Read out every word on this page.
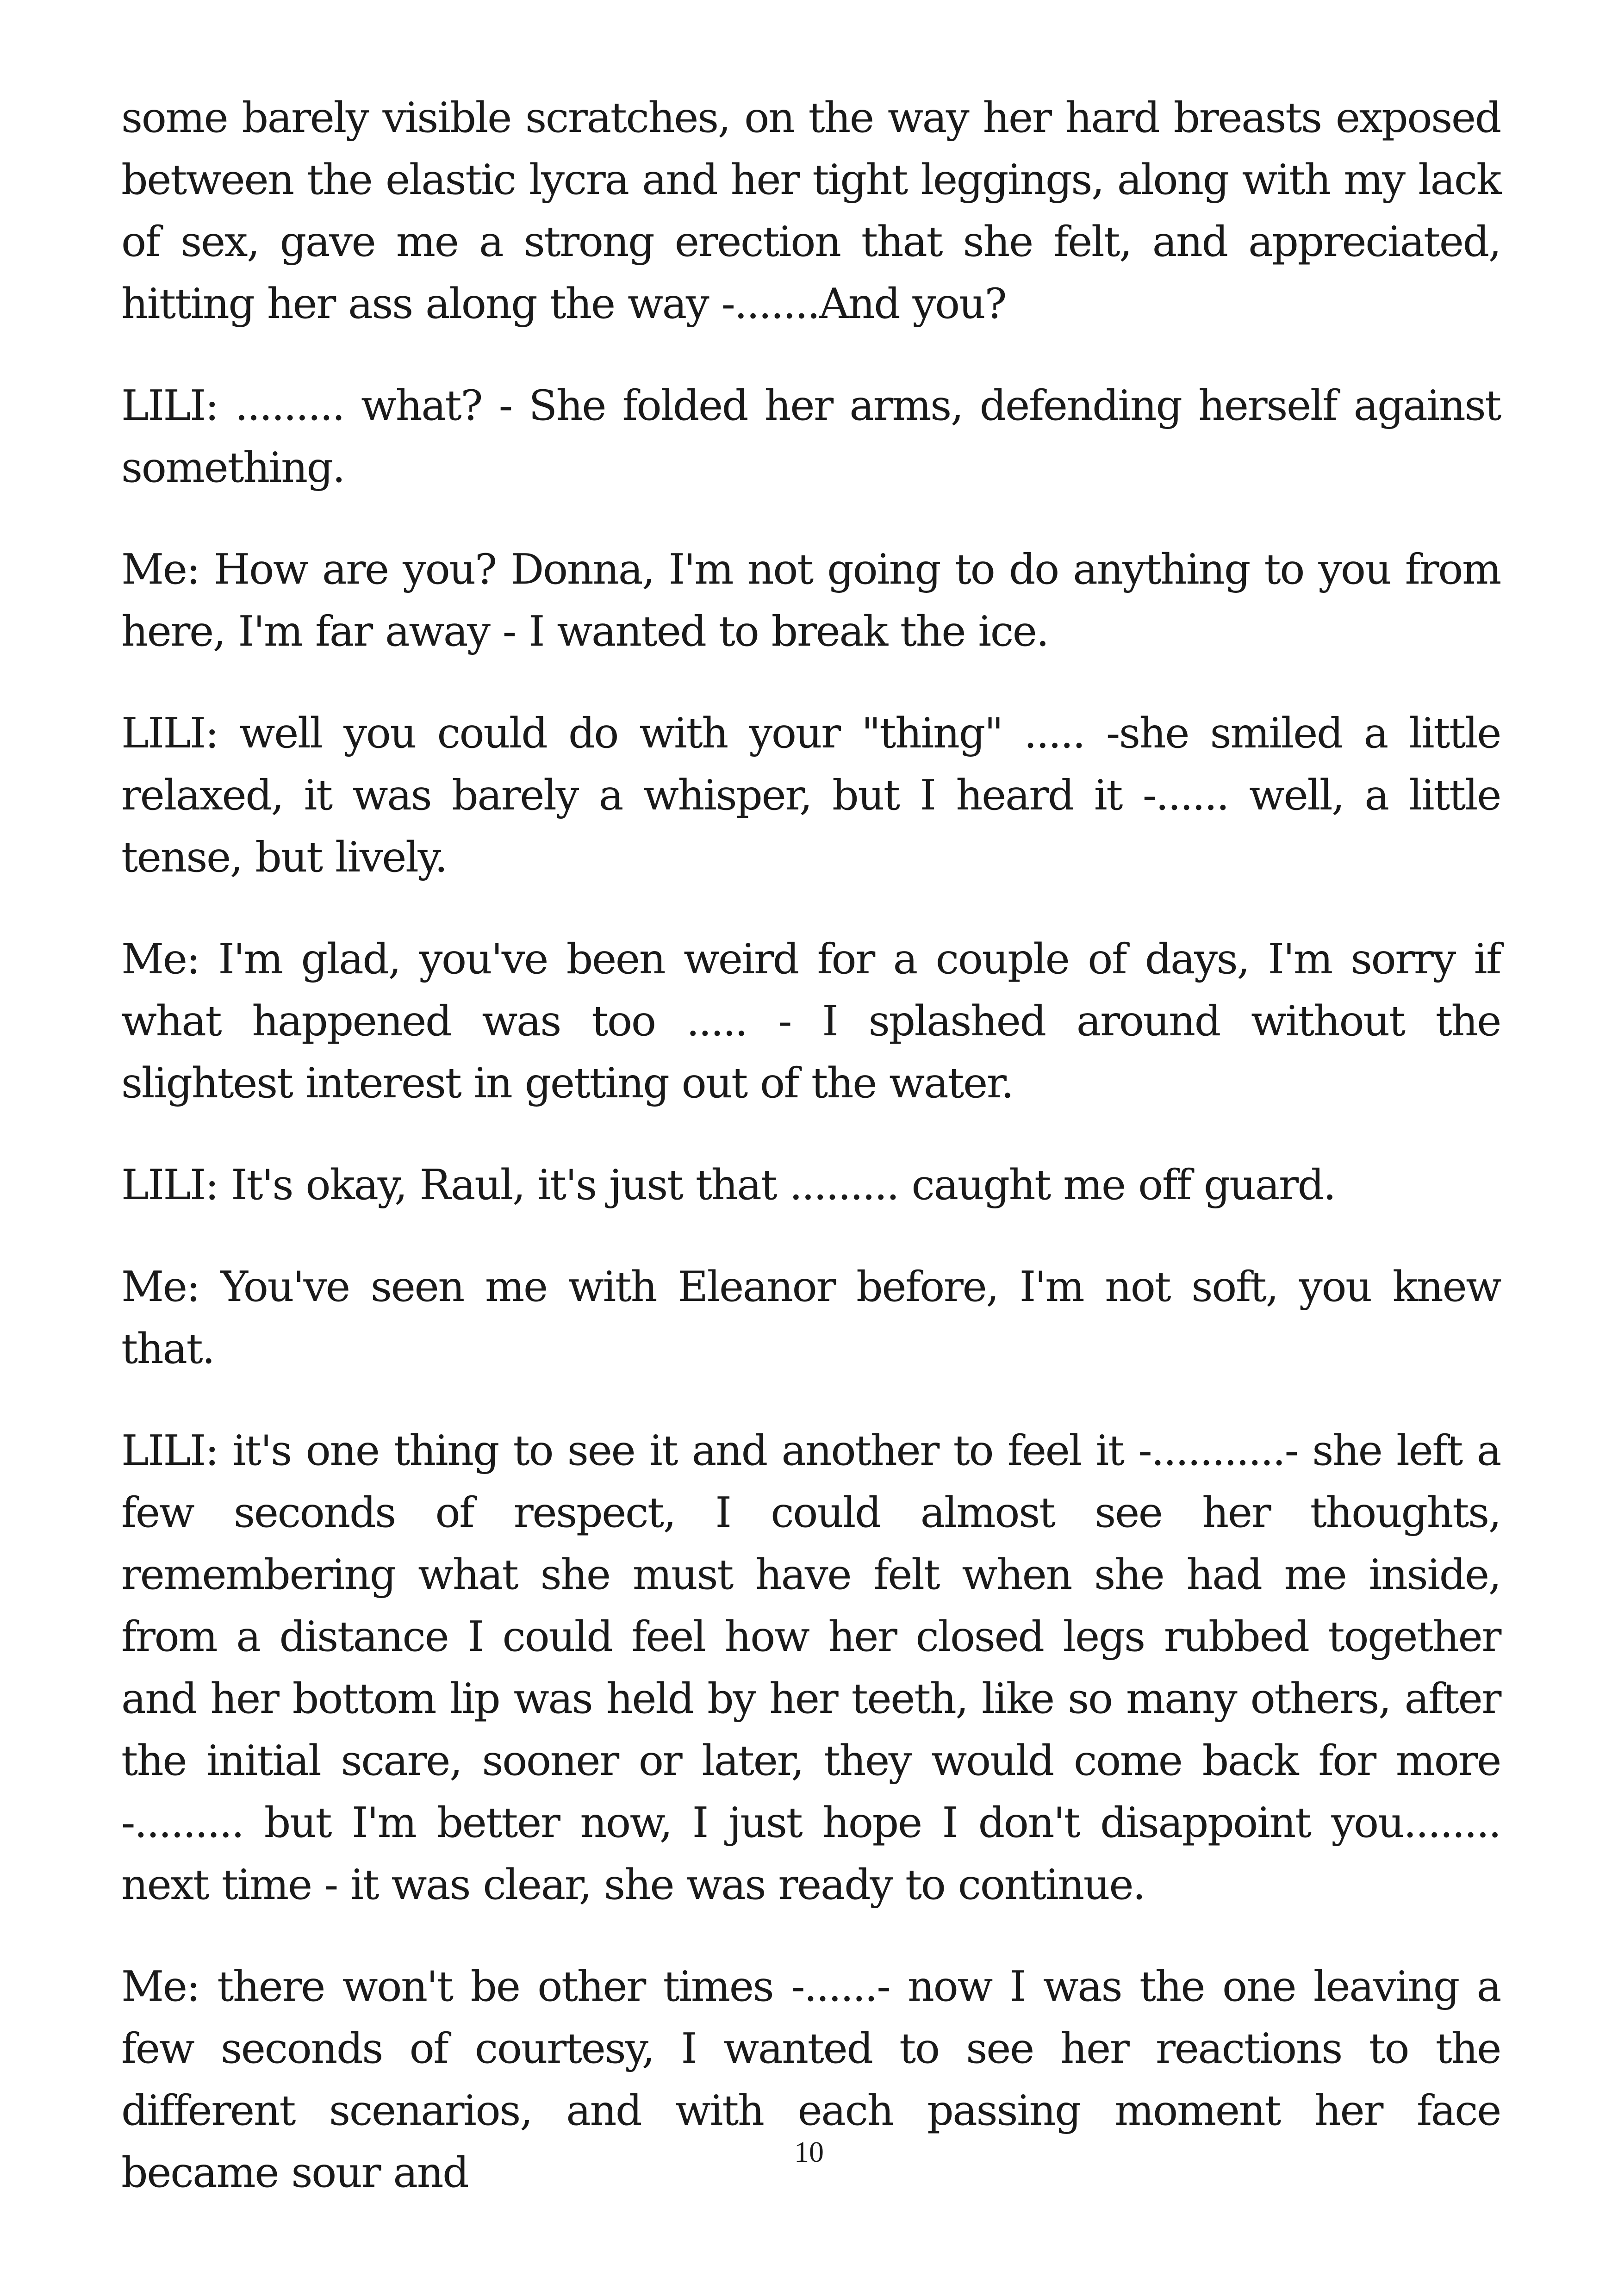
some barely visible scratches, on the way her hard breasts exposed between the elastic lycra and her tight leggings, along with my lack of sex, gave me a strong erection that she felt, and appreciated, hitting her ass along the way -.......And you?

LILI: ......... what? - She folded her arms, defending herself against something.

Me: How are you? Donna, I'm not going to do anything to you from here, I'm far away - I wanted to break the ice.

LILI: well you could do with your "thing" ..... -she smiled a little relaxed, it was barely a whisper, but I heard it -...... well, a little tense, but lively.

Me: I'm glad, you've been weird for a couple of days, I'm sorry if what happened was too ..... - I splashed around without the slightest interest in getting out of the water.

LILI: It's okay, Raul, it's just that ......... caught me off guard.

Me: You've seen me with Eleanor before, I'm not soft, you knew that.

LILI: it's one thing to see it and another to feel it -...........- she left a few seconds of respect, I could almost see her thoughts, remembering what she must have felt when she had me inside, from a distance I could feel how her closed legs rubbed together and her bottom lip was held by her teeth, like so many others, after the initial scare, sooner or later, they would come back for more -......... but I'm better now, I just hope I don't disappoint you........ next time - it was clear, she was ready to continue.

Me: there won't be other times -......- now I was the one leaving a few seconds of courtesy, I wanted to see her reactions to the different scenarios, and with each passing moment her face became sour and	10
